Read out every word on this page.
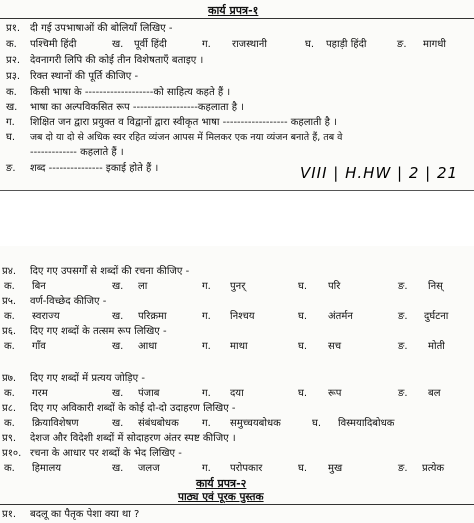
कार्य प्रपत्र-१
प्र१. दी गई उपभाषाओं की बोलियाँ लिखिए -
क. पश्चिमी हिंदी	ख. पूर्वी हिंदी	ग. राजस्थानी	घ. पहाड़ी हिंदी	ङ. मागधी
प्र२. देवनागरी लिपि की कोई तीन विशेषताएँ बताइए ।
प्र३. रिक्त स्थानों की पूर्ति कीजिए -
क. किसी भाषा के -------------------को साहित्य कहते हैं ।
ख. भाषा का अल्पविकसित रूप ------------------कहलाता है ।
ग. शिक्षित जन द्वारा प्रयुक्त व विद्वानों द्वारा स्वीकृत भाषा ------------------ कहलाती है ।
घ. जब दो या दो से अधिक स्वर रहित व्यंजन आपस में मिलकर एक नया व्यंजन बनाते हैं, तब वे
------------- कहलाते हैं ।
ङ. शब्द --------------- इकाई होते हैं ।	VIII | H.HW | 2 | 21
प्र४. दिए गए उपसर्गों से शब्दों की रचना कीजिए -
क. बिन	ख. ला	ग. पुनर्	घ. परि	ङ. निस्
प्र५. वर्ण-विच्छेद कीजिए -
क. स्वराज्य	ख. परिक्रमा	ग. निश्चय	घ. अंतर्मन	ङ. दुर्घटना
प्र६. दिए गए शब्दों के तत्सम रूप लिखिए -
क. गाँव	ख. आधा	ग. माथा	घ. सच	ङ. मोती
प्र७. दिए गए शब्दों में प्रत्यय जोड़िए -
क. गरम	ख. पंजाब	ग. दया	घ. रूप	ङ. बल
प्र८. दिए गए अविकारी शब्दों के कोई दो-दो उदाहरण लिखिए -
क. क्रियाविशेषण	ख. संबंधबोधक ग. समुच्चयबोधक	घ. विस्मयादिबोधक
प्र९. देशज और विदेशी शब्दों में सोदाहरण अंतर स्पष्ट कीजिए ।
प्र१०. रचना के आधार पर शब्दों के भेद लिखिए -
क. हिमालय	ख. जलज	ग. परोपकार	घ. मुख	ङ. प्रत्येक
कार्य प्रपत्र-२
पाठ्य एवं पूरक पुस्तक
प्र१. बदलू का पैतृक पेशा क्या था ?
